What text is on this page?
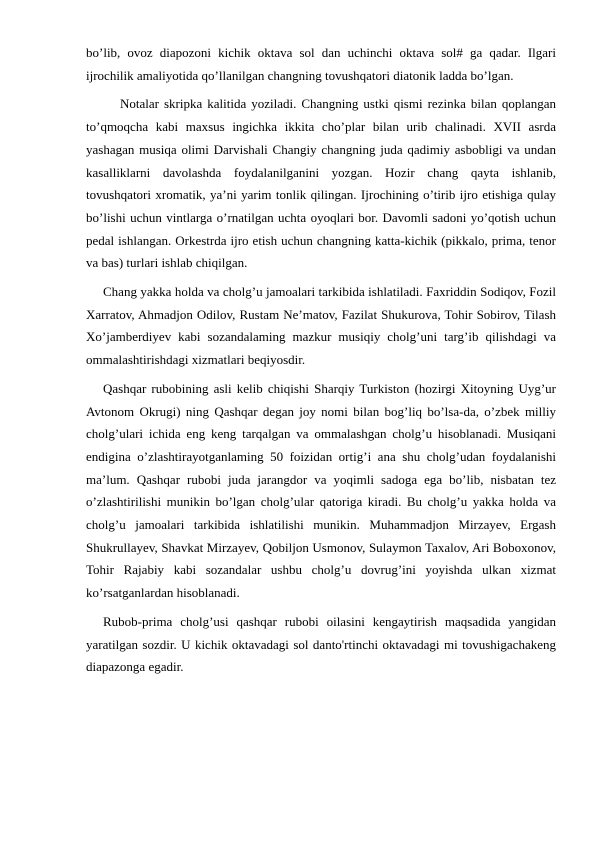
bo’lib, ovoz diapozoni kichik oktava sol dan uchinchi oktava sol# ga qadar. Ilgari ijrochilik amaliyotida qo’llanilgan changning tovushqatori diatonik ladda bo’lgan.

Notalar skripka kalitida yoziladi. Changning ustki qismi rezinka bilan qoplangan to’qmoqcha kabi maxsus ingichka ikkita cho’plar bilan urib chalinadi. XVII asrda yashagan musiqa olimi Darvishali Changiy changning juda qadimiy asbobligi va undan kasalliklarni davolashda foydalanilganini yozgan. Hozir chang qayta ishlanib, tovushqatori xromatik, ya’ni yarim tonlik qilingan. Ijrochining o’tirib ijro etishiga qulay bo’lishi uchun vintlarga o’rnatilgan uchta oyoqlari bor. Davomli sadoni yo’qotish uchun pedal ishlangan. Orkestrda ijro etish uchun changning katta-kichik (pikkalo, prima, tenor va bas) turlari ishlab chiqilgan.

Chang yakka holda va cholg’u jamoalari tarkibida ishlatiladi. Faxriddin Sodiqov, Fozil Xarratov, Ahmadjon Odilov, Rustam Ne’matov, Fazilat Shukurova, Tohir Sobirov, Tilash Xo’jamberdiyev kabi sozandalaming mazkur musiqiy cholg’uni targ’ib qilishdagi va ommalashtirishdagi xizmatlari beqiyosdir.

Qashqar rubobining asli kelib chiqishi Sharqiy Turkiston (hozirgi Xitoyning Uyg’ur Avtonom Okrugi) ning Qashqar degan joy nomi bilan bog’liq bo’lsa-da, o’zbek milliy cholg’ulari ichida eng keng tarqalgan va ommalashgan cholg’u hisoblanadi. Musiqani endigina o’zlashtirayotganlaming 50 foizidan ortig’i ana shu cholg’udan foydalanishi ma’lum. Qashqar rubobi juda jarangdor va yoqimli sadoga ega bo’lib, nisbatan tez o’zlashtirilishi munikin bo’lgan cholg’ular qatoriga kiradi. Bu cholg’u yakka holda va cholg’u jamoalari tarkibida ishlatilishi munikin. Muhammadjon Mirzayev, Ergash Shukrullayev, Shavkat Mirzayev, Qobiljon Usmonov, Sulaymon Taxalov, Ari Boboxonov, Tohir Rajabiy kabi sozandalar ushbu cholg’u dovrug’ini yoyishda ulkan xizmat ko’rsatganlardan hisoblanadi.

Rubob-prima cholg’usi qashqar rubobi oilasini kengaytirish maqsadida yangidan yaratilgan sozdir. U kichik oktavadagi sol danto'rtinchi oktavadagi mi tovushigachakeng diapazonga egadir.
